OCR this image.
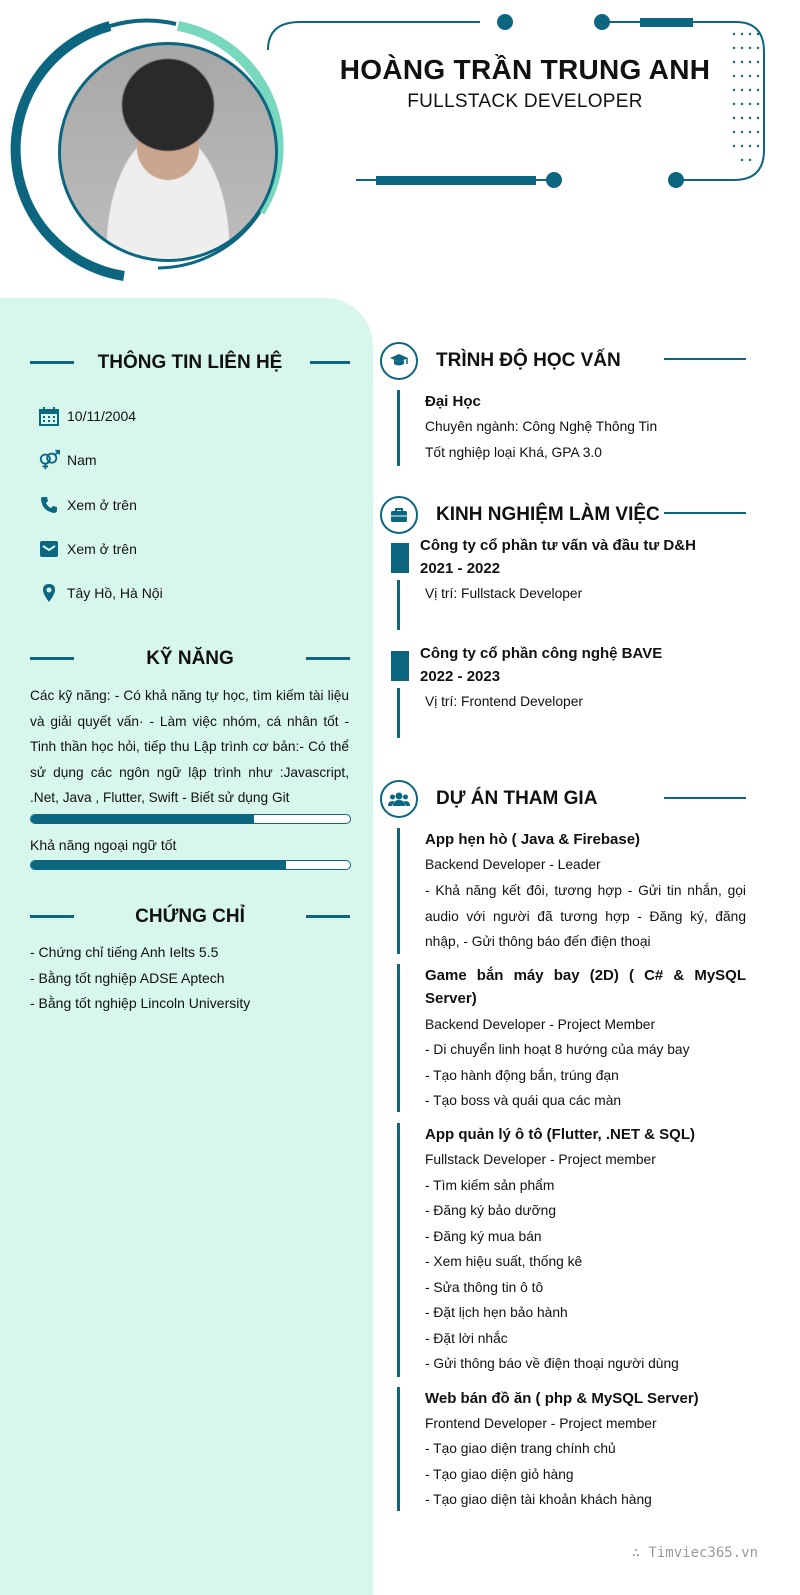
HOÀNG TRẦN TRUNG ANH
FULLSTACK DEVELOPER
THÔNG TIN LIÊN HỆ
10/11/2004
Nam
Xem ở trên
Xem ở trên
Tây Hồ, Hà Nội
KỸ NĂNG
Các kỹ năng: - Có khả năng tự học, tìm kiếm tài liệu và giải quyết vấn· - Làm việc nhóm, cá nhân tốt - Tinh thần học hỏi, tiếp thu Lập trình cơ bản:- Có thể sử dụng các ngôn ngữ lập trình như :Javascript, .Net, Java , Flutter, Swift - Biết sử dụng Git
Khả năng ngoại ngữ tốt
CHỨNG CHỈ
- Chứng chỉ tiếng Anh Ielts 5.5
- Bằng tốt nghiệp ADSE Aptech
- Bằng tốt nghiệp Lincoln University
TRÌNH ĐỘ HỌC VẤN
Đại Học
Chuyên ngành: Công Nghệ Thông Tin
Tốt nghiệp loại Khá, GPA 3.0
KINH NGHIỆM LÀM VIỆC
Công ty cổ phần tư vấn và đầu tư D&H
2021 - 2022
Vị trí: Fullstack Developer
Công ty cổ phần công nghệ BAVE
2022 - 2023
Vị trí: Frontend Developer
DỰ ÁN THAM GIA
App hẹn hò ( Java & Firebase)
Backend Developer - Leader
- Khả năng kết đôi, tương hợp - Gửi tin nhắn, gọi audio với người đã tương hợp - Đăng ký, đăng nhập, - Gửi thông báo đến điện thoại
Game bắn máy bay (2D) ( C# & MySQL Server)
Backend Developer - Project Member
- Di chuyển linh hoạt 8 hướng của máy bay
- Tạo hành động bắn, trúng đạn
- Tạo boss và quái qua các màn
App quản lý ô tô (Flutter, .NET & SQL)
Fullstack Developer - Project member
- Tìm kiếm sản phẩm
- Đăng ký bảo dưỡng
- Đăng ký mua bán
- Xem hiệu suất, thống kê
- Sửa thông tin ô tô
- Đặt lịch hẹn bảo hành
- Đặt lời nhắc
- Gửi thông báo về điện thoại người dùng
Web bán đồ ăn ( php & MySQL Server)
Frontend Developer - Project member
- Tạo giao diện trang chính chủ
- Tạo giao diện giỏ hàng
- Tạo giao diện tài khoản khách hàng
∴ Timviec365.vn
